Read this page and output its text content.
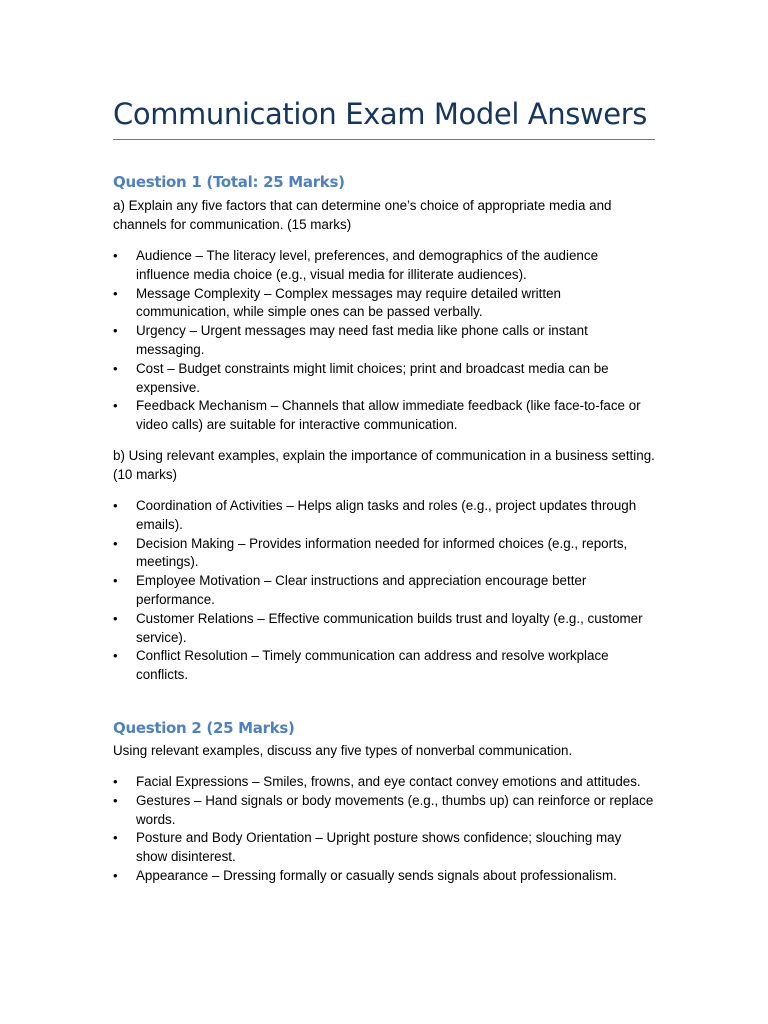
Communication Exam Model Answers
Question 1 (Total: 25 Marks)

a) Explain any five factors that can determine one’s choice of appropriate media and channels for communication. (15 marks)

• Audience – The literacy level, preferences, and demographics of the audience influence media choice (e.g., visual media for illiterate audiences).
• Message Complexity – Complex messages may require detailed written communication, while simple ones can be passed verbally.
• Urgency – Urgent messages may need fast media like phone calls or instant messaging.
• Cost – Budget constraints might limit choices; print and broadcast media can be expensive.
• Feedback Mechanism – Channels that allow immediate feedback (like face-to-face or video calls) are suitable for interactive communication.

b) Using relevant examples, explain the importance of communication in a business setting. (10 marks)

• Coordination of Activities – Helps align tasks and roles (e.g., project updates through emails).
• Decision Making – Provides information needed for informed choices (e.g., reports, meetings).
• Employee Motivation – Clear instructions and appreciation encourage better performance.
• Customer Relations – Effective communication builds trust and loyalty (e.g., customer service).
• Conflict Resolution – Timely communication can address and resolve workplace conflicts.
Question 2 (25 Marks)

Using relevant examples, discuss any five types of nonverbal communication.

• Facial Expressions – Smiles, frowns, and eye contact convey emotions and attitudes.
• Gestures – Hand signals or body movements (e.g., thumbs up) can reinforce or replace words.
• Posture and Body Orientation – Upright posture shows confidence; slouching may show disinterest.
• Appearance – Dressing formally or casually sends signals about professionalism.
